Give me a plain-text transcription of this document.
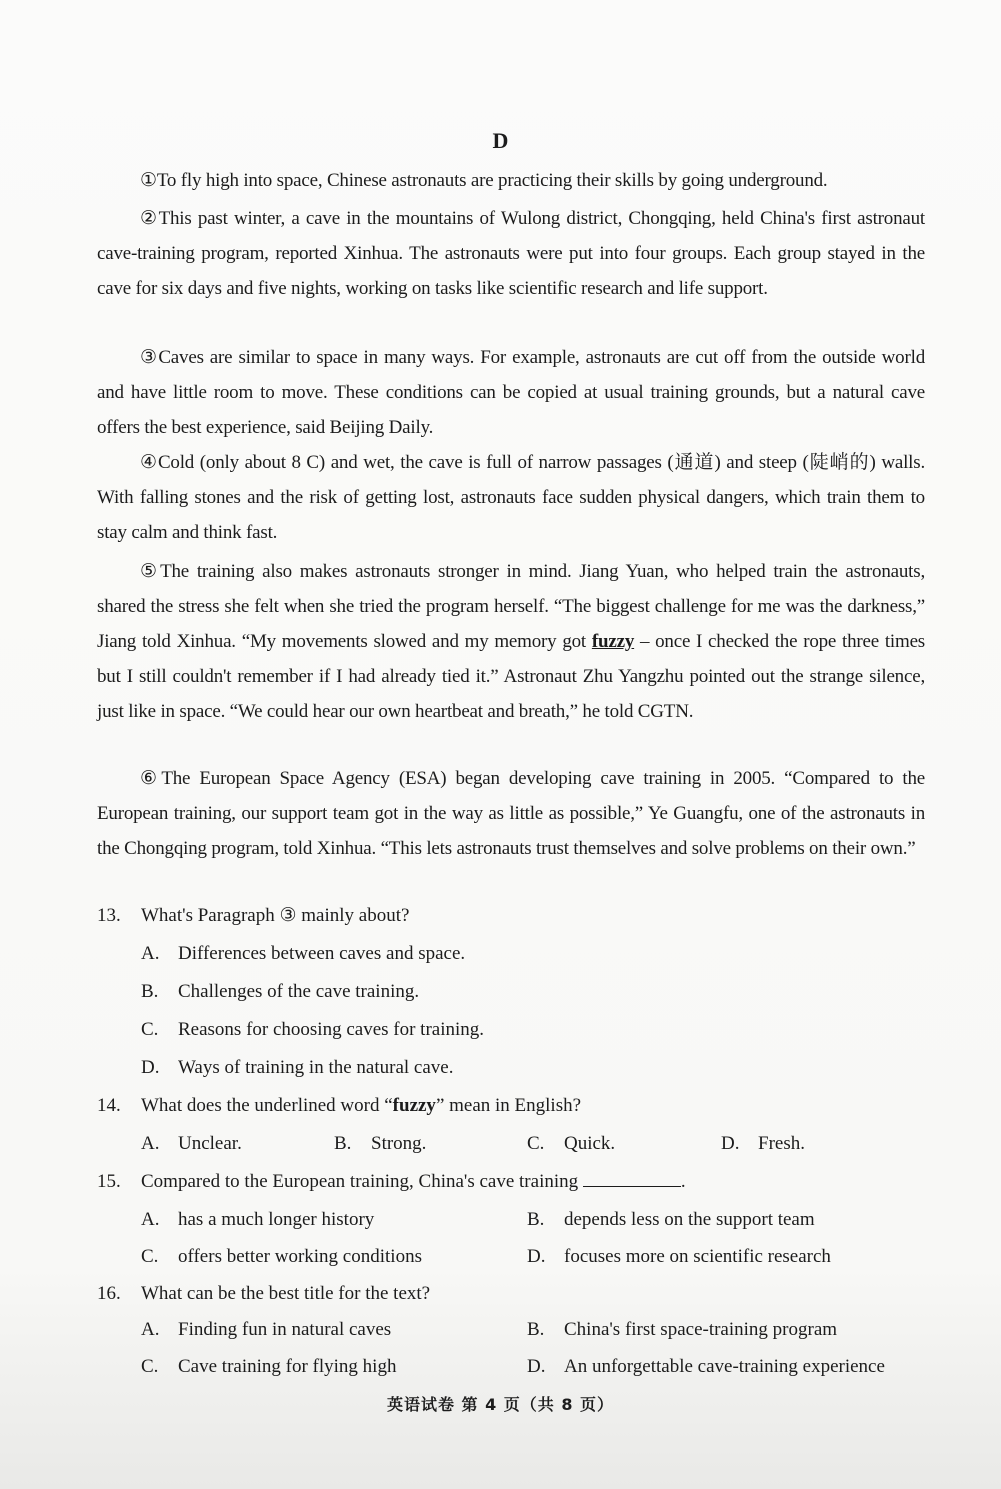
D
①To fly high into space, Chinese astronauts are practicing their skills by going underground.
②This past winter, a cave in the mountains of Wulong district, Chongqing, held China's first astronaut cave-training program, reported Xinhua. The astronauts were put into four groups. Each group stayed in the cave for six days and five nights, working on tasks like scientific research and life support.
③Caves are similar to space in many ways. For example, astronauts are cut off from the outside world and have little room to move. These conditions can be copied at usual training grounds, but a natural cave offers the best experience, said Beijing Daily.
④Cold (only about 8 C) and wet, the cave is full of narrow passages (通道) and steep (陡峭的) walls. With falling stones and the risk of getting lost, astronauts face sudden physical dangers, which train them to stay calm and think fast.
⑤The training also makes astronauts stronger in mind. Jiang Yuan, who helped train the astronauts, shared the stress she felt when she tried the program herself. “The biggest challenge for me was the darkness,” Jiang told Xinhua. “My movements slowed and my memory got fuzzy – once I checked the rope three times but I still couldn't remember if I had already tied it.” Astronaut Zhu Yangzhu pointed out the strange silence, just like in space. “We could hear our own heartbeat and breath,” he told CGTN.
⑥The European Space Agency (ESA) began developing cave training in 2005. “Compared to the European training, our support team got in the way as little as possible,” Ye Guangfu, one of the astronauts in the Chongqing program, told Xinhua. “This lets astronauts trust themselves and solve problems on their own.”
13. What's Paragraph ③ mainly about?
A. Differences between caves and space.
B. Challenges of the cave training.
C. Reasons for choosing caves for training.
D. Ways of training in the natural cave.
14. What does the underlined word “fuzzy” mean in English?
A. Unclear.	B. Strong.	C. Quick.	D. Fresh.
15. Compared to the European training, China's cave training	.
A. has a much longer history	B. depends less on the support team
C. offers better working conditions	D. focuses more on scientific research
16. What can be the best title for the text?
A. Finding fun in natural caves	B. China's first space-training program
C. Cave training for flying high	D. An unforgettable cave-training experience
英语试卷 第 4 页（共 8 页）
